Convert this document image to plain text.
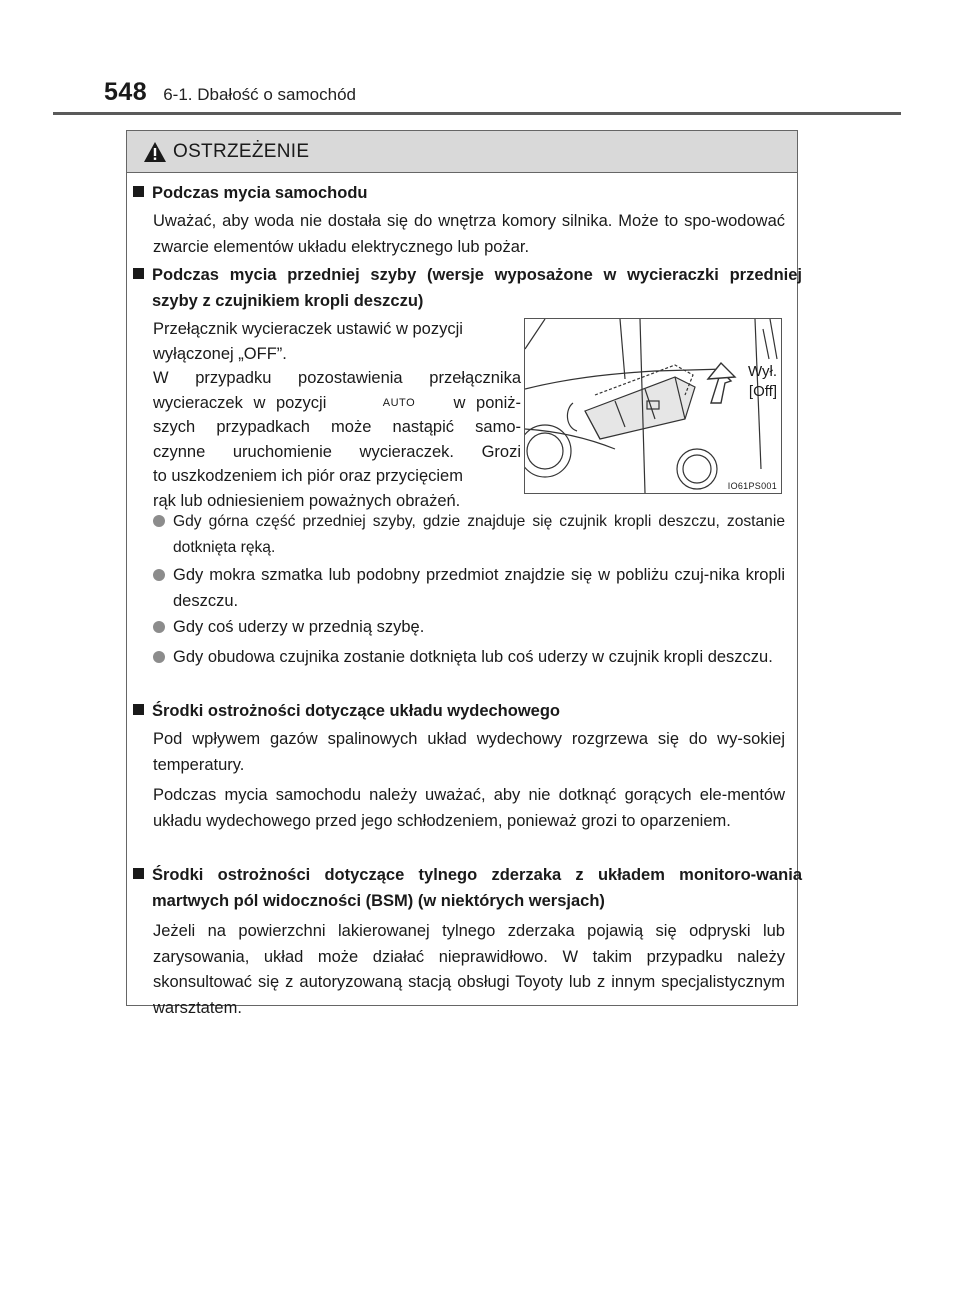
548 6-1. Dbałość o samochód
OSTRZEŻENIE
Podczas mycia samochodu
Uważać, aby woda nie dostała się do wnętrza komory silnika. Może to spo-wodować zwarcie elementów układu elektrycznego lub pożar.
Podczas mycia przedniej szyby (wersje wyposażone w wycieraczki przedniej szyby z czujnikiem kropli deszczu)
Przełącznik wycieraczek ustawić w pozycji
wyłączonej „OFF”.
W przypadku pozostawienia przełącznika
wycieraczek w pozycji	AUTO w poniż-
szych przypadkach może nastąpić samo-
czynne uruchomienie wycieraczek. Grozi
to uszkodzeniem ich piór oraz przycięciem
rąk lub odniesieniem poważnych obrażeń.
Gdy górna część przedniej szyby, gdzie znajduje się czujnik kropli deszczu, zostanie dotknięta ręką.
Gdy mokra szmatka lub podobny przedmiot znajdzie się w pobliżu czuj-nika kropli deszczu.
Gdy coś uderzy w przednią szybę.
Gdy obudowa czujnika zostanie dotknięta lub coś uderzy w czujnik kropli deszczu.
Środki ostrożności dotyczące układu wydechowego
Pod wpływem gazów spalinowych układ wydechowy rozgrzewa się do wy-sokiej temperatury.
Podczas mycia samochodu należy uważać, aby nie dotknąć gorących ele-mentów układu wydechowego przed jego schłodzeniem, ponieważ grozi to oparzeniem.
Środki ostrożności dotyczące tylnego zderzaka z układem monitoro-wania martwych pól widoczności (BSM) (w niektórych wersjach)
Jeżeli na powierzchni lakierowanej tylnego zderzaka pojawią się odpryski lub zarysowania, układ może działać nieprawidłowo. W takim przypadku należy skonsultować się z autoryzowaną stacją obsługi Toyoty lub z innym specjalistycznym warsztatem.
Wył.
[Off]
IO61PS001
